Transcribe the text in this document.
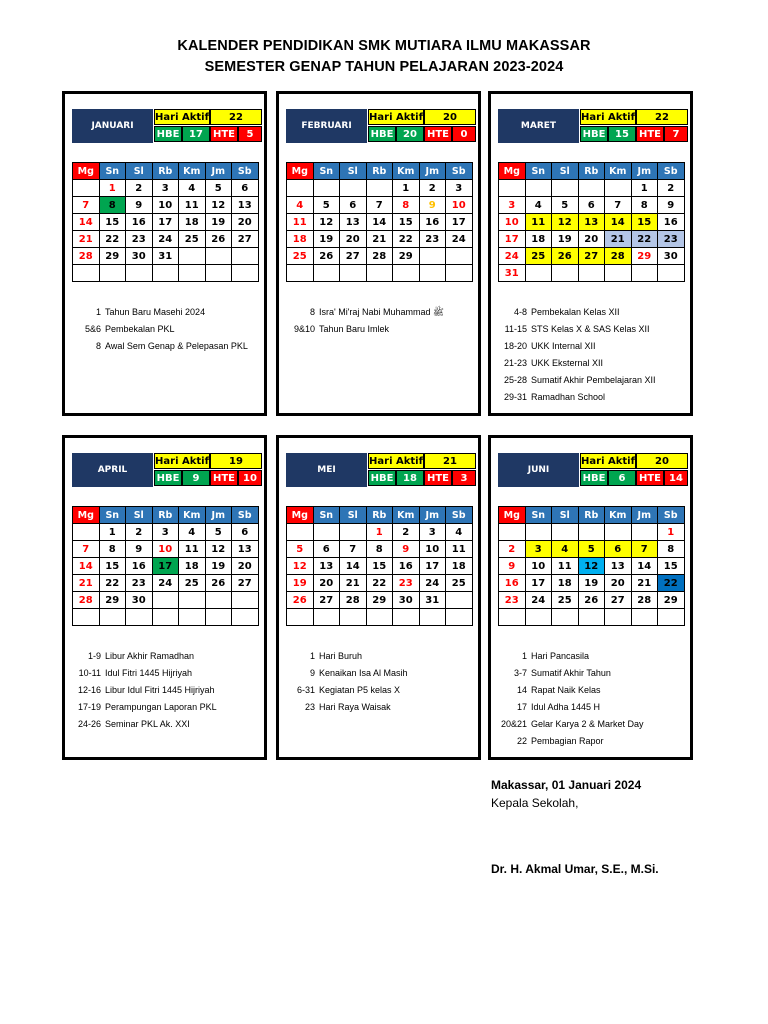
KALENDER PENDIDIKAN SMK MUTIARA ILMU MAKASSAR
SEMESTER GENAP TAHUN PELAJARAN 2023-2024
JANUARI
Hari Aktif	22
HBE 17	HTE	5
Mg	Sn	Sl	Rb	Km	Jm	Sb
	1	2	3	4	5	6
7	8	9	10	11	12	13
14	15	16	17	18	19	20
21	22	23	24	25	26	27
28	29	30	31			

1 Tahun Baru Masehi 2024
5&6 Pembekalan PKL
8 Awal Sem Genap & Pelepasan PKL
FEBRUARI
Hari Aktif	20
HBE 20	HTE	0
Mg	Sn	Sl	Rb	Km	Jm	Sb
				1	2	3
4	5	6	7	8	9	10
11	12	13	14	15	16	17
18	19	20	21	22	23	24
25	26	27	28	29		

8 Isra' Mi'raj Nabi Muhammad ﷺ
9&10 Tahun Baru Imlek
MARET
Hari Aktif	22
HBE 15	HTE	7
Mg	Sn	Sl	Rb	Km	Jm	Sb
					1	2
3	4	5	6	7	8	9
10	11	12	13	14	15	16
17	18	19	20	21	22	23
24	25	26	27	28	29	30
31						
4-8 Pembekalan Kelas XII
11-15 STS Kelas X & SAS Kelas XII
18-20 UKK Internal XII
21-23 UKK Eksternal XII
25-28 Sumatif Akhir Pembelajaran XII
29-31 Ramadhan School
APRIL
Hari Aktif	19
HBE	9	HTE 10
Mg	Sn	Sl	Rb	Km	Jm	Sb
	1	2	3	4	5	6
7	8	9	10	11	12	13
14	15	16	17	18	19	20
21	22	23	24	25	26	27
28	29	30				

1-9 Libur Akhir Ramadhan
10-11 Idul Fitri 1445 Hijriyah
12-16 Libur Idul Fitri 1445 Hijriyah
17-19 Perampungan Laporan PKL
24-26 Seminar PKL Ak. XXI
MEI
Hari Aktif	21
HBE 18	HTE	3
Mg	Sn	Sl	Rb	Km	Jm	Sb
			1	2	3	4
5	6	7	8	9	10	11
12	13	14	15	16	17	18
19	20	21	22	23	24	25
26	27	28	29	30	31	

1 Hari Buruh
9 Kenaikan Isa Al Masih
6-31 Kegiatan P5 kelas X
23 Hari Raya Waisak
JUNI
Hari Aktif	20
HBE	6	HTE 14
Mg	Sn	Sl	Rb	Km	Jm	Sb
						1
2	3	4	5	6	7	8
9	10	11	12	13	14	15
16	17	18	19	20	21	22
23	24	25	26	27	28	29

1 Hari Pancasila
3-7 Sumatif Akhir Tahun
14 Rapat Naik Kelas
17 Idul Adha 1445 H
20&21 Gelar Karya 2 & Market Day
22 Pembagian Rapor
Makassar, 01 Januari 2024
Kepala Sekolah,
Dr. H. Akmal Umar, S.E., M.Si.
